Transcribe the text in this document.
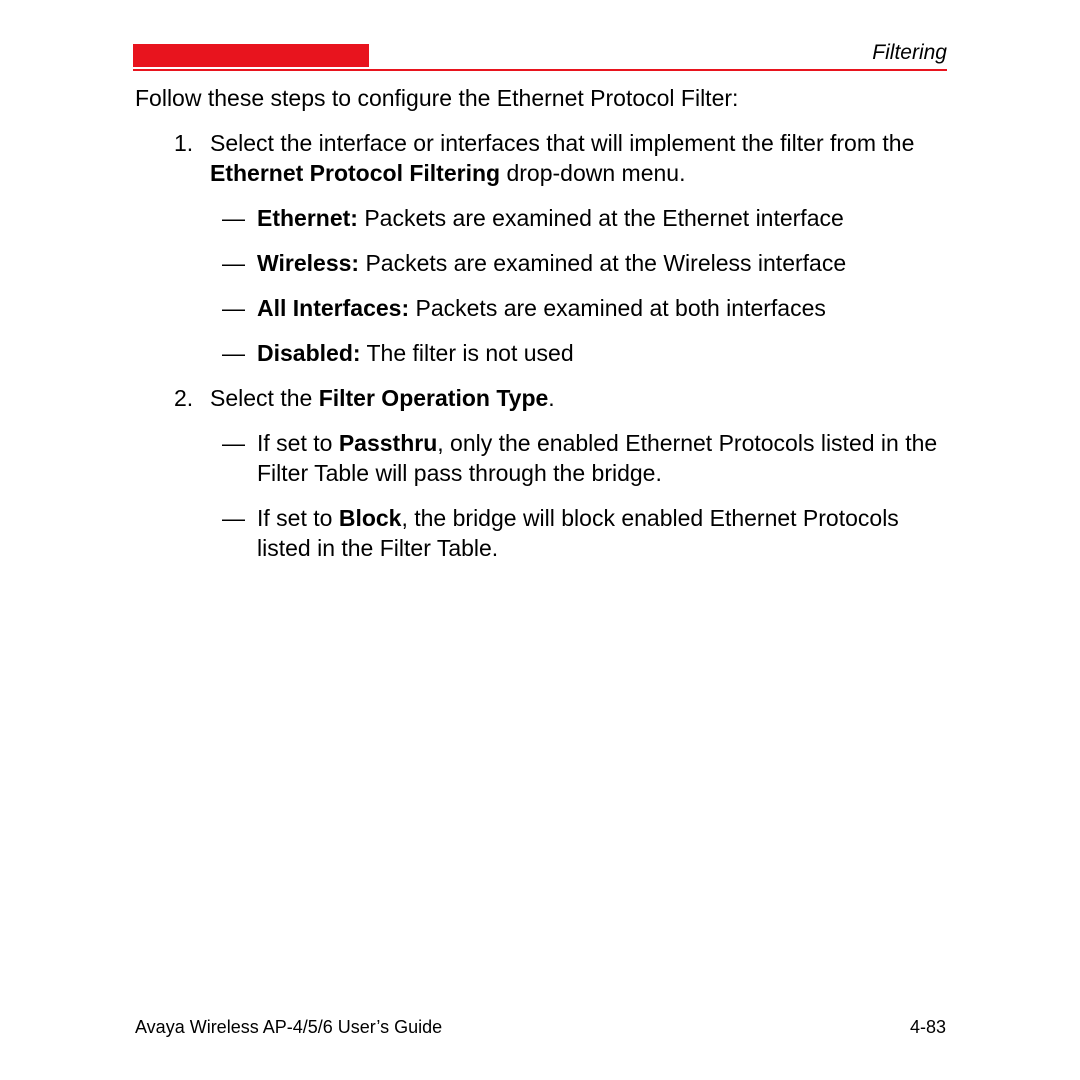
Filtering

Follow these steps to configure the Ethernet Protocol Filter:

1. Select the interface or interfaces that will implement the filter from the Ethernet Protocol Filtering drop-down menu.
— Ethernet: Packets are examined at the Ethernet interface
— Wireless: Packets are examined at the Wireless interface
— All Interfaces: Packets are examined at both interfaces
— Disabled: The filter is not used
2. Select the Filter Operation Type.
— If set to Passthru, only the enabled Ethernet Protocols listed in the Filter Table will pass through the bridge.
— If set to Block, the bridge will block enabled Ethernet Protocols listed in the Filter Table.
Avaya Wireless AP-4/5/6 User’s Guide	4-83
